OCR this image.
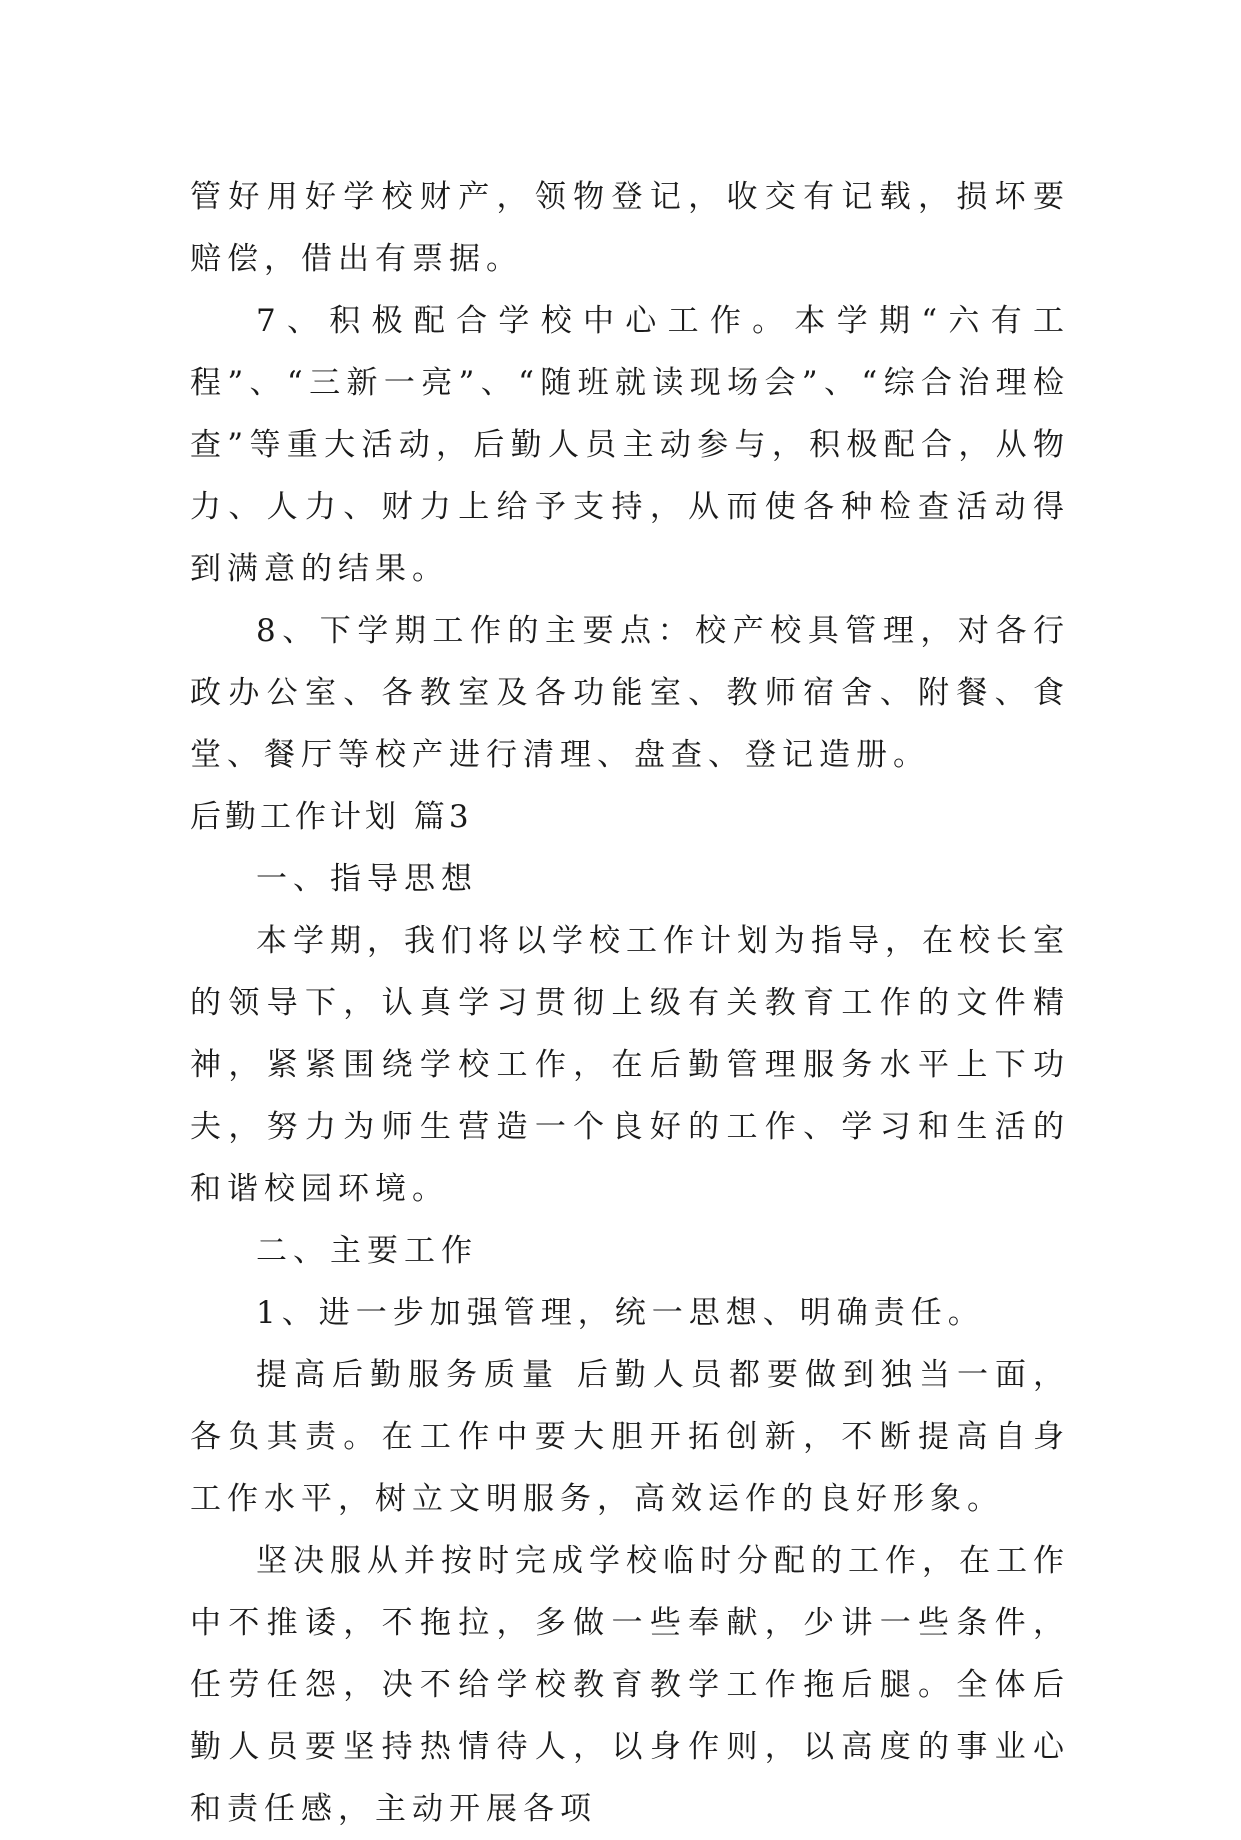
管好用好学校财产，领物登记，收交有记载，损坏要赔偿，借出有票据。

7、积极配合学校中心工作。本学期“六有工程”、“三新一亮”、“随班就读现场会”、“综合治理检查”等重大活动，后勤人员主动参与，积极配合，从物力、人力、财力上给予支持，从而使各种检查活动得到满意的结果。

8、下学期工作的主要点：校产校具管理，对各行政办公室、各教室及各功能室、教师宿舍、附餐、食堂、餐厅等校产进行清理、盘查、登记造册。

后勤工作计划 篇3

一、指导思想

本学期，我们将以学校工作计划为指导，在校长室的领导下，认真学习贯彻上级有关教育工作的文件精神，紧紧围绕学校工作，在后勤管理服务水平上下功夫，努力为师生营造一个良好的工作、学习和生活的和谐校园环境。

二、主要工作

1、进一步加强管理，统一思想、明确责任。

提高后勤服务质量 后勤人员都要做到独当一面，各负其责。在工作中要大胆开拓创新，不断提高自身工作水平，树立文明服务，高效运作的良好形象。

坚决服从并按时完成学校临时分配的工作，在工作中不推诿，不拖拉，多做一些奉献，少讲一些条件，任劳任怨，决不给学校教育教学工作拖后腿。全体后勤人员要坚持热情待人，以身作则，以高度的事业心和责任感，主动开展各项
